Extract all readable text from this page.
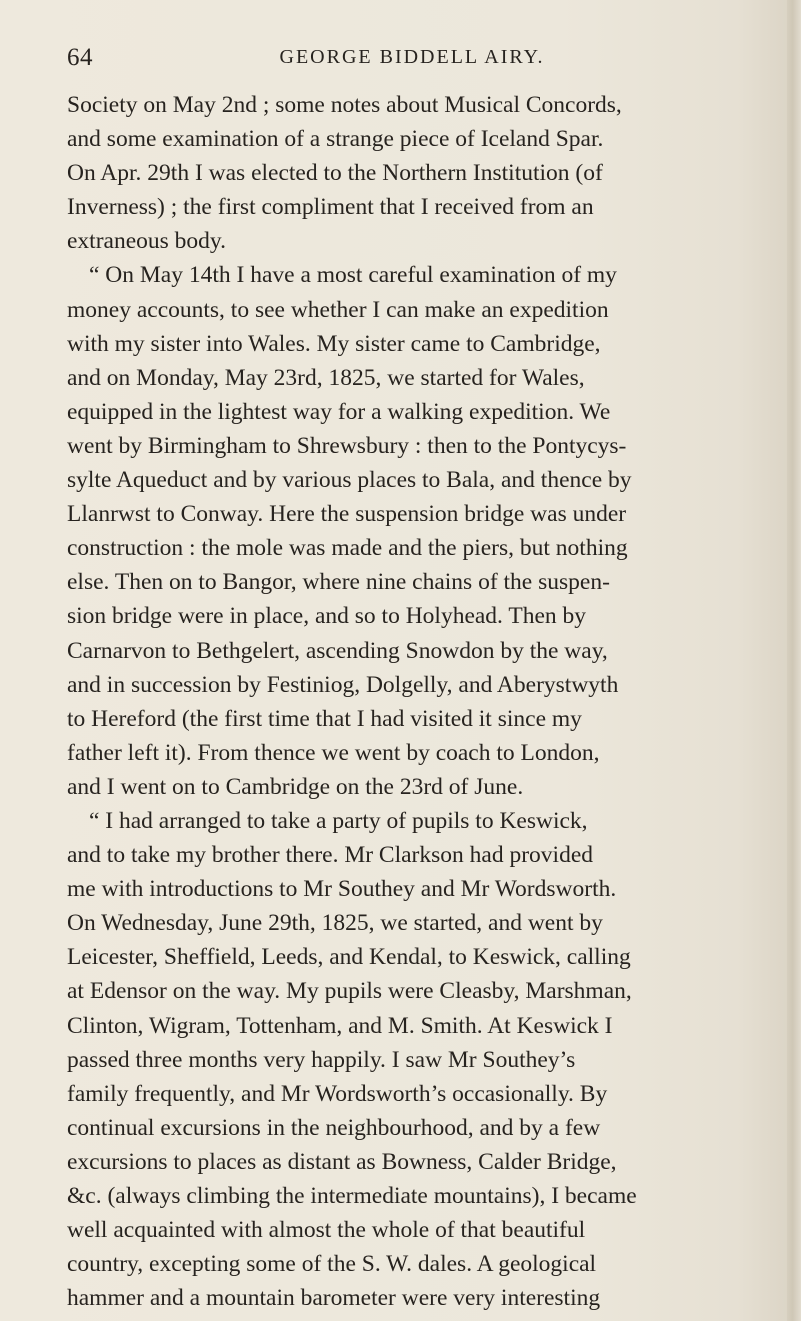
64	GEORGE BIDDELL AIRY.
Society on May 2nd ; some notes about Musical Concords,
and some examination of a strange piece of Iceland Spar.
On Apr. 29th I was elected to the Northern Institution (of
Inverness) ; the first compliment that I received from an
extraneous body.
“ On May 14th I have a most careful examination of my
money accounts, to see whether I can make an expedition
with my sister into Wales. My sister came to Cambridge,
and on Monday, May 23rd, 1825, we started for Wales,
equipped in the lightest way for a walking expedition. We
went by Birmingham to Shrewsbury : then to the Pontycys-
sylte Aqueduct and by various places to Bala, and thence by
Llanrwst to Conway. Here the suspension bridge was under
construction : the mole was made and the piers, but nothing
else. Then on to Bangor, where nine chains of the suspen-
sion bridge were in place, and so to Holyhead. Then by
Carnarvon to Bethgelert, ascending Snowdon by the way,
and in succession by Festiniog, Dolgelly, and Aberystwyth
to Hereford (the first time that I had visited it since my
father left it). From thence we went by coach to London,
and I went on to Cambridge on the 23rd of June.
“ I had arranged to take a party of pupils to Keswick,
and to take my brother there. Mr Clarkson had provided
me with introductions to Mr Southey and Mr Wordsworth.
On Wednesday, June 29th, 1825, we started, and went by
Leicester, Sheffield, Leeds, and Kendal, to Keswick, calling
at Edensor on the way. My pupils were Cleasby, Marshman,
Clinton, Wigram, Tottenham, and M. Smith. At Keswick I
passed three months very happily. I saw Mr Southey’s
family frequently, and Mr Wordsworth’s occasionally. By
continual excursions in the neighbourhood, and by a few
excursions to places as distant as Bowness, Calder Bridge,
&c. (always climbing the intermediate mountains), I became
well acquainted with almost the whole of that beautiful
country, excepting some of the S. W. dales. A geological
hammer and a mountain barometer were very interesting
